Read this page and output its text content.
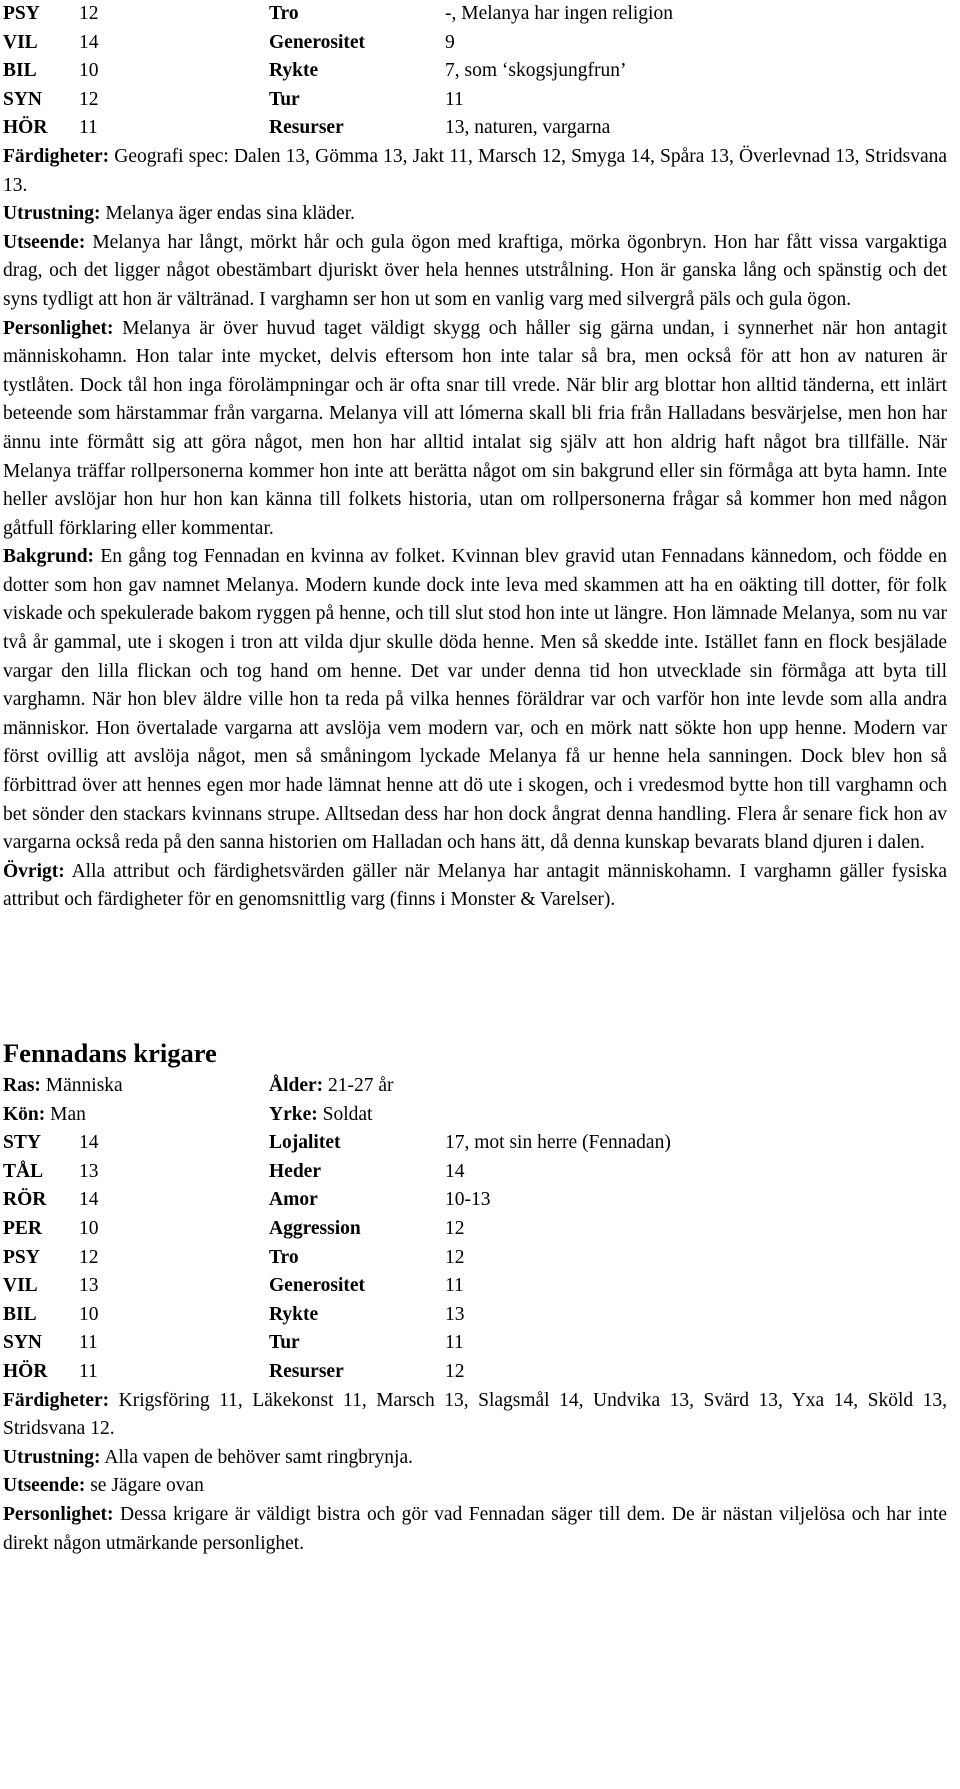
PSY	12	Tro	-, Melanya har ingen religion
VIL	14	Generositet	9
BIL	10	Rykte	7, som ‘skogsjungfrun’
SYN	12	Tur	11
HÖR	11	Resurser	13, naturen, vargarna

Färdigheter: Geografi spec: Dalen 13, Gömma 13, Jakt 11, Marsch 12, Smyga 14, Spåra 13, Överlevnad 13, Stridsvana 13.

Utrustning: Melanya äger endas sina kläder.

Utseende: Melanya har långt, mörkt hår och gula ögon med kraftiga, mörka ögonbryn. Hon har fått vissa vargaktiga drag, och det ligger något obestämbart djuriskt över hela hennes utstrålning. Hon är ganska lång och spänstig och det syns tydligt att hon är vältränad. I varghamn ser hon ut som en vanlig varg med silvergrå päls och gula ögon.

Personlighet: Melanya är över huvud taget väldigt skygg och håller sig gärna undan, i synnerhet när hon antagit människohamn. Hon talar inte mycket, delvis eftersom hon inte talar så bra, men också för att hon av naturen är tystlåten. Dock tål hon inga förolämpningar och är ofta snar till vrede. När blir arg blottar hon alltid tänderna, ett inlärt beteende som härstammar från vargarna. Melanya vill att lómerna skall bli fria från Halladans besvärjelse, men hon har ännu inte förmått sig att göra något, men hon har alltid intalat sig själv att hon aldrig haft något bra tillfälle. När Melanya träffar rollpersonerna kommer hon inte att berätta något om sin bakgrund eller sin förmåga att byta hamn. Inte heller avslöjar hon hur hon kan känna till folkets historia, utan om rollpersonerna frågar så kommer hon med någon gåtfull förklaring eller kommentar.

Bakgrund: En gång tog Fennadan en kvinna av folket. Kvinnan blev gravid utan Fennadans kännedom, och födde en dotter som hon gav namnet Melanya. Modern kunde dock inte leva med skammen att ha en oäkting till dotter, för folk viskade och spekulerade bakom ryggen på henne, och till slut stod hon inte ut längre. Hon lämnade Melanya, som nu var två år gammal, ute i skogen i tron att vilda djur skulle döda henne. Men så skedde inte. Istället fann en flock besjälade vargar den lilla flickan och tog hand om henne. Det var under denna tid hon utvecklade sin förmåga att byta till varghamn. När hon blev äldre ville hon ta reda på vilka hennes föräldrar var och varför hon inte levde som alla andra människor. Hon övertalade vargarna att avslöja vem modern var, och en mörk natt sökte hon upp henne. Modern var först ovillig att avslöja något, men så småningom lyckade Melanya få ur henne hela sanningen. Dock blev hon så förbittrad över att hennes egen mor hade lämnat henne att dö ute i skogen, och i vredesmod bytte hon till varghamn och bet sönder den stackars kvinnans strupe. Alltsedan dess har hon dock ångrat denna handling. Flera år senare fick hon av vargarna också reda på den sanna historien om Halladan och hans ätt, då denna kunskap bevarats bland djuren i dalen.

Övrigt: Alla attribut och färdighetsvärden gäller när Melanya har antagit människohamn. I varghamn gäller fysiska attribut och färdigheter för en genomsnittlig varg (finns i Monster & Varelser).

Fennadans krigare
Ras: Människa	Ålder: 21-27 år
Kön: Man	Yrke: Soldat
STY	14	Lojalitet	17, mot sin herre (Fennadan)
TÅL	13	Heder	14
RÖR	14	Amor	10-13
PER	10	Aggression	12
PSY	12	Tro	12
VIL	13	Generositet	11
BIL	10	Rykte	13
SYN	11	Tur	11
HÖR	11	Resurser	12

Färdigheter: Krigsföring 11, Läkekonst 11, Marsch 13, Slagsmål 14, Undvika 13, Svärd 13, Yxa 14, Sköld 13, Stridsvana 12.

Utrustning: Alla vapen de behöver samt ringbrynja.

Utseende: se Jägare ovan

Personlighet: Dessa krigare är väldigt bistra och gör vad Fennadan säger till dem. De är nästan viljelösa och har inte direkt någon utmärkande personlighet.
